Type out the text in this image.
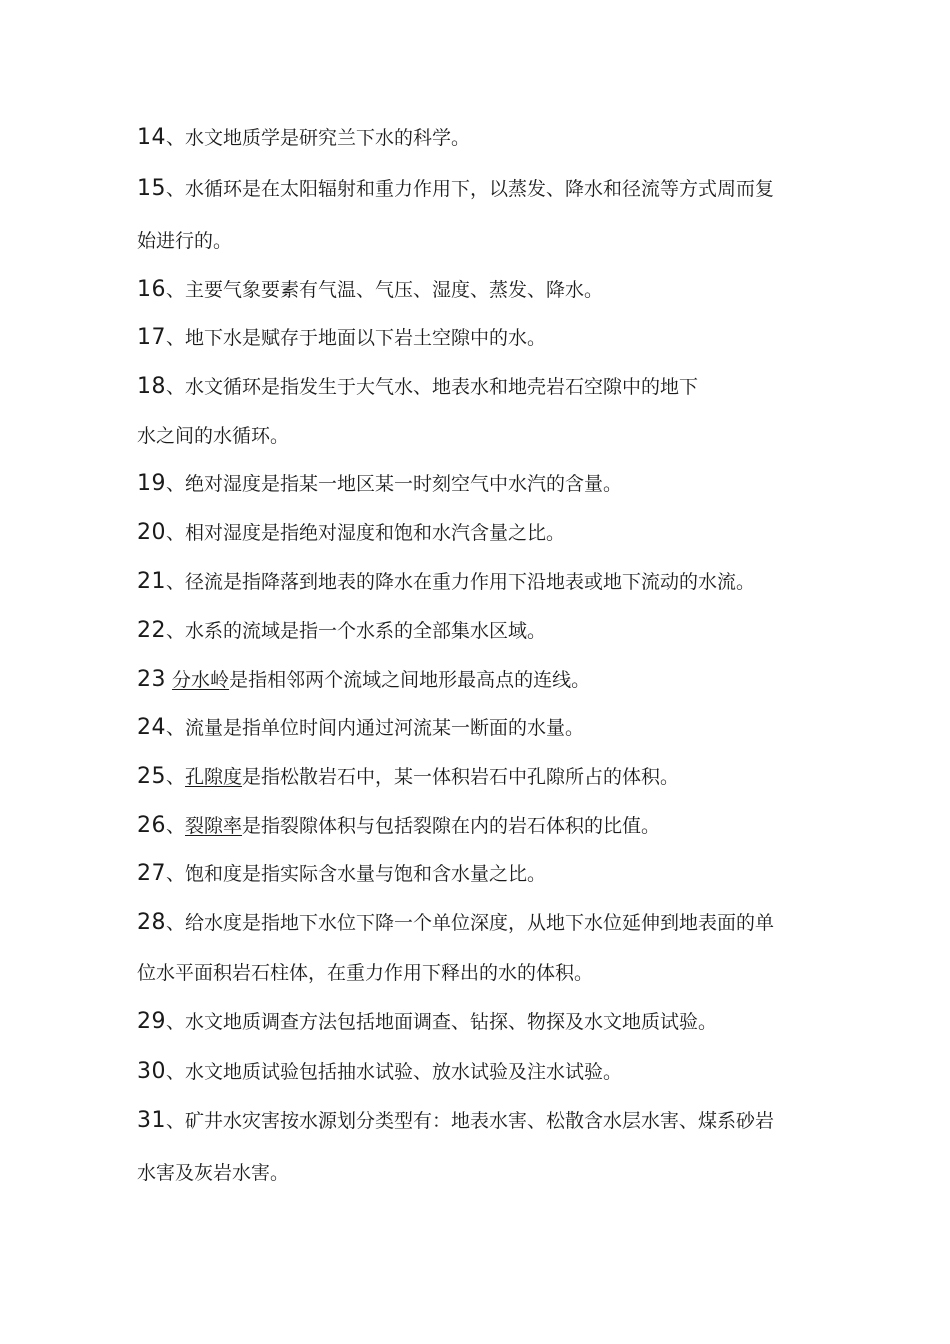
14、水文地质学是研究兰下水的科学。
15、水循环是在太阳辐射和重力作用下，以蒸发、降水和径流等方式周而复
始进行的。
16、主要气象要素有气温、气压、湿度、蒸发、降水。
17、地下水是赋存于地面以下岩土空隙中的水。
18、水文循环是指发生于大气水、地表水和地壳岩石空隙中的地下
水之间的水循环。
19、绝对湿度是指某一地区某一时刻空气中水汽的含量。
20、相对湿度是指绝对湿度和饱和水汽含量之比。
21、径流是指降落到地表的降水在重力作用下沿地表或地下流动的水流。
22、水系的流域是指一个水系的全部集水区域。
23 分水岭是指相邻两个流域之间地形最高点的连线。
24、流量是指单位时间内通过河流某一断面的水量。
25、孔隙度是指松散岩石中，某一体积岩石中孔隙所占的体积。
26、裂隙率是指裂隙体积与包括裂隙在内的岩石体积的比值。
27、饱和度是指实际含水量与饱和含水量之比。
28、给水度是指地下水位下降一个单位深度，从地下水位延伸到地表面的单
位水平面积岩石柱体，在重力作用下释出的水的体积。
29、水文地质调查方法包括地面调查、钻探、物探及水文地质试验。
30、水文地质试验包括抽水试验、放水试验及注水试验。
31、矿井水灾害按水源划分类型有：地表水害、松散含水层水害、煤系砂岩
水害及灰岩水害。
